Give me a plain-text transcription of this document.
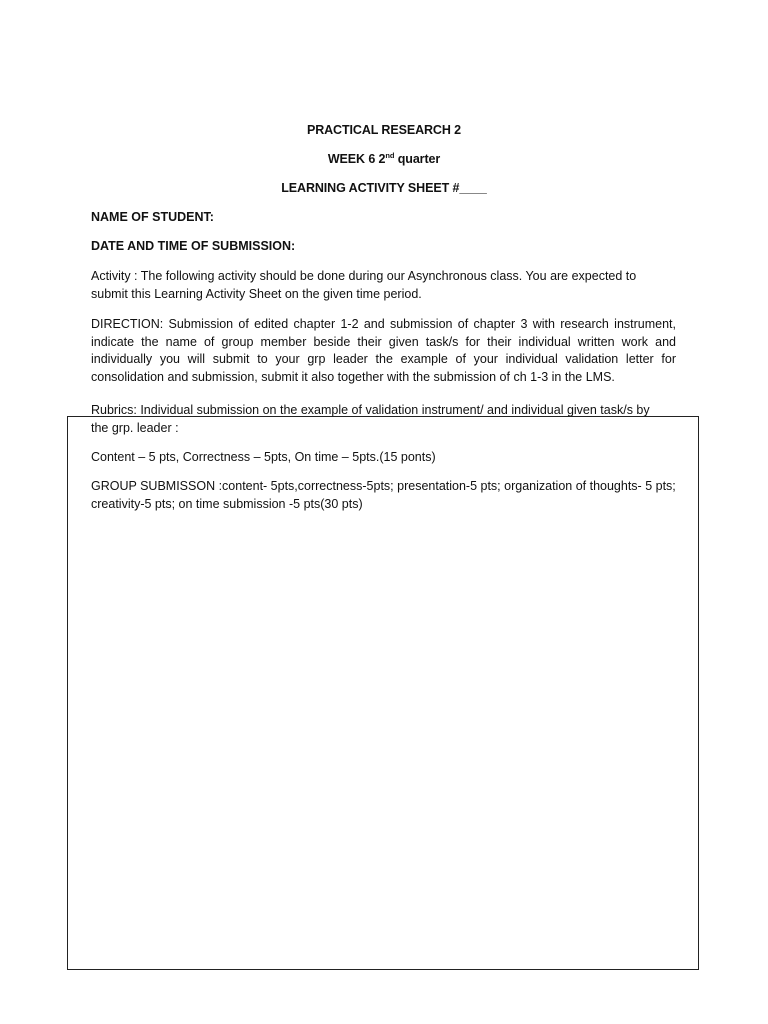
PRACTICAL RESEARCH 2
WEEK 6 2nd quarter
LEARNING ACTIVITY SHEET #____
NAME OF STUDENT:
DATE AND TIME OF SUBMISSION:
Activity : The following activity should be done during our Asynchronous class. You are expected to
submit this Learning Activity Sheet on the given time period.

DIRECTION: Submission of edited chapter 1-2 and submission of chapter 3 with research instrument, indicate the name of group member beside their given task/s for their individual written work and individually you will submit to your grp leader the example of your individual validation letter for consolidation and submission, submit it also together with the submission of ch 1-3 in the LMS.

Rubrics: Individual submission on the example of validation instrument/ and individual given task/s by
the grp. leader :
Content – 5 pts, Correctness – 5pts, On time – 5pts.(15 ponts)
GROUP SUBMISSON :content- 5pts,correctness-5pts; presentation-5 pts; organization of thoughts- 5 pts;
creativity-5 pts; on time submission -5 pts(30 pts)
